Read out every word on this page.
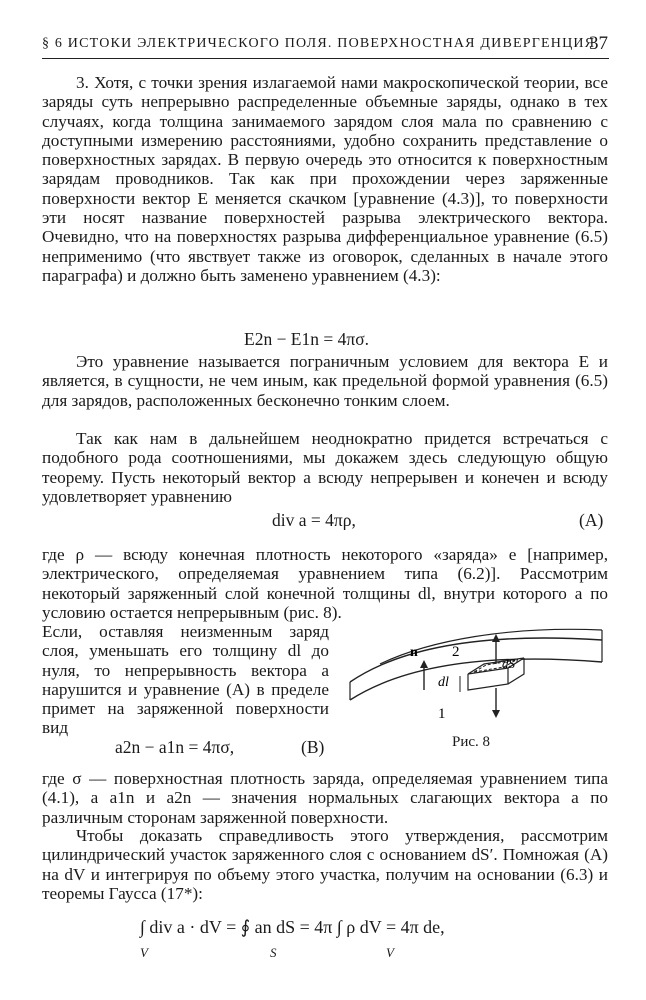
§ 6 ИСТОКИ ЭЛЕКТРИЧЕСКОГО ПОЛЯ. ПОВЕРХНОСТНАЯ ДИВЕРГЕНЦИЯ
37

3. Хотя, с точки зрения излагаемой нами макроскопической теории, все заряды суть непрерывно распределенные объемные заряды, однако в тех случаях, когда толщина занимаемого зарядом слоя мала по сравнению с доступными измерению расстояниями, удобно сохранить представление о поверхностных зарядах. В первую очередь это относится к поверхностным зарядам проводников. Так как при прохождении через заряженные поверхности вектор E меняется скачком [уравнение (4.3)], то поверхности эти носят название поверхностей разрыва электрического вектора. Очевидно, что на поверхностях разрыва дифференциальное уравнение (6.5) неприменимо (что явствует также из оговорок, сделанных в начале этого параграфа) и должно быть заменено уравнением (4.3):

E2n − E1n = 4πσ.

Это уравнение называется пограничным условием для вектора E и является, в сущности, не чем иным, как предельной формой уравнения (6.5) для зарядов, расположенных бесконечно тонким слоем.

Так как нам в дальнейшем неоднократно придется встречаться с подобного рода соотношениями, мы докажем здесь следующую общую теорему. Пусть некоторый вектор a всюду непрерывен и конечен и всюду удовлетворяет уравнению

div a = 4πρ,	(A)

где ρ — всюду конечная плотность некоторого «заряда» e [например, электрического, определяемая уравнением типа (6.2)]. Рассмотрим некоторый заряженный слой конечной толщины dl, внутри которого a по условию остается непрерывным (рис. 8).

Если, оставляя неизменным заряд слоя, уменьшать его толщину dl до нуля, то непрерывность вектора a нарушится и уравнение (A) в пределе примет на заряженной поверхности вид

a2n − a1n = 4πσ,	(B)
n 2
1
dl
dS′
Рис. 8

где σ — поверхностная плотность заряда, определяемая уравнением типа (4.1), а a1n и a2n — значения нормальных слагающих вектора a по различным сторонам заряженной поверхности.

Чтобы доказать справедливость этого утверждения, рассмотрим цилиндрический участок заряженного слоя с основанием dS′. Помножая (A) на dV и интегрируя по объему этого участка, получим на основании (6.3) и теоремы Гаусса (17*):

∫ div a · dV = ∮ an dS = 4π ∫ ρ dV = 4π de,
V	S	V
